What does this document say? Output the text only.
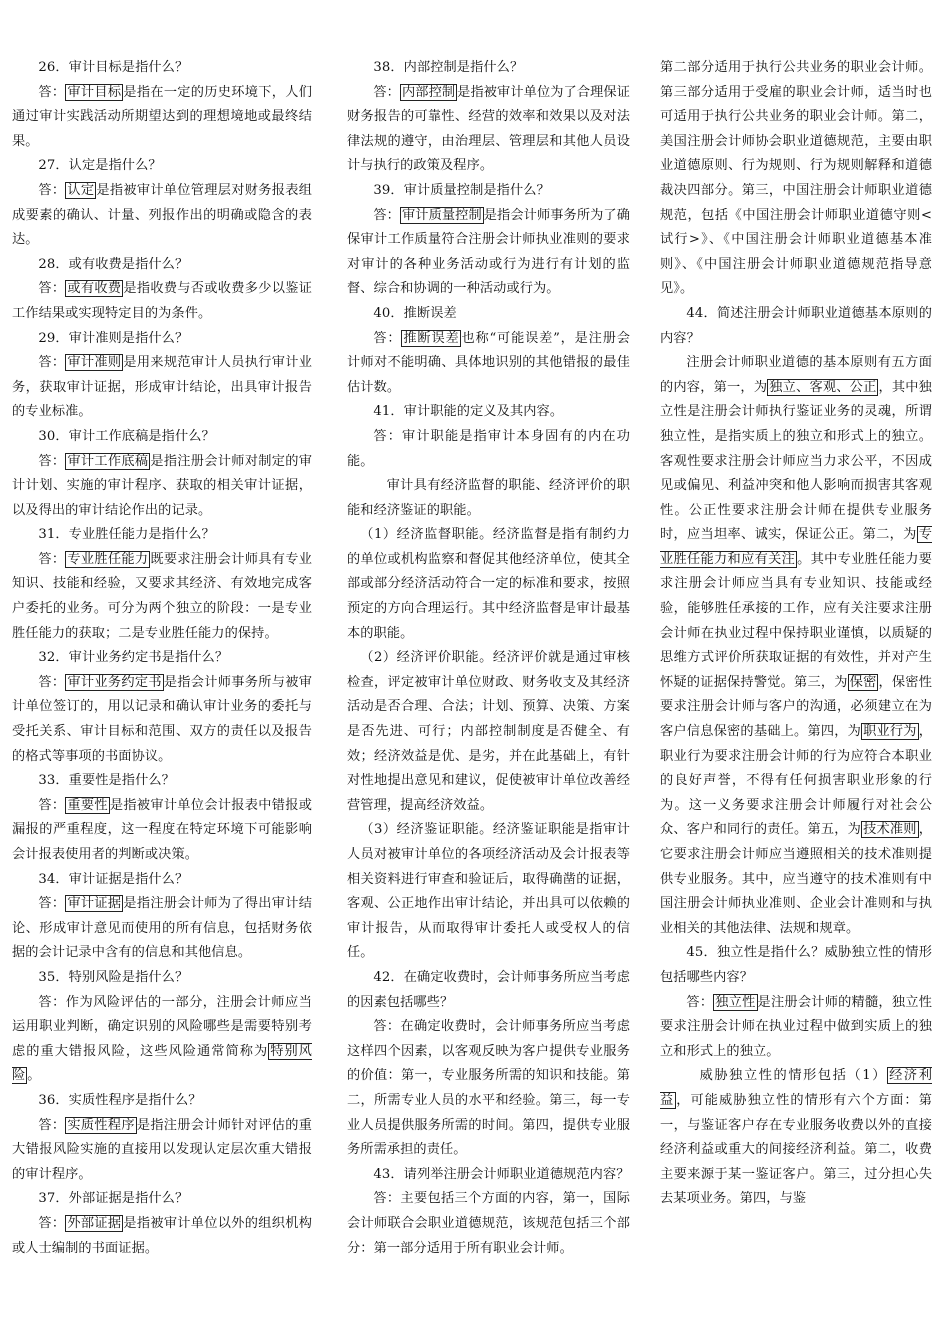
26．审计目标是指什么？

答： 审计目标 是指在一定的历史环境下，人们通过审计实践活动所期望达到的理想境地或最终结果。

27．认定是指什么？

答： 认定 是指被审计单位管理层对财务报表组成要素的确认、计量、列报作出的明确或隐含的表达。

28．或有收费是指什么？

答： 或有收费 是指收费与否或收费多少以鉴证工作结果或实现特定目的为条件。

29．审计准则是指什么？

答： 审计准则 是用来规范审计人员执行审计业务，获取审计证据，形成审计结论，出具审计报告的专业标准。

30．审计工作底稿是指什么？

答： 审计工作底稿 是指注册会计师对制定的审计计划、实施的审计程序、获取的相关审计证据，以及得出的审计结论作出的记录。

31．专业胜任能力是指什么？

答： 专业胜任能力 既要求注册会计师具有专业知识、技能和经验，又要求其经济、有效地完成客户委托的业务。可分为两个独立的阶段：一是专业胜任能力的获取；二是专业胜任能力的保持。

32．审计业务约定书是指什么？

答： 审计业务约定书 是指会计师事务所与被审计单位签订的，用以记录和确认审计业务的委托与受托关系、审计目标和范围、双方的责任以及报告的格式等事项的书面协议。

33．重要性是指什么？

答： 重要性 是指被审计单位会计报表中错报或漏报的严重程度，这一程度在特定环境下可能影响会计报表使用者的判断或决策。

34．审计证据是指什么？

答： 审计证据 是指注册会计师为了得出审计结论、形成审计意见而使用的所有信息，包括财务依据的会计记录中含有的信息和其他信息。

35．特别风险是指什么？

答：作为风险评估的一部分，注册会计师应当运用职业判断，确定识别的风险哪些是需要特别考虑的重大错报风险，这些风险通常简称为 特别风险 。

36．实质性程序是指什么？

答： 实质性程序 是指注册会计师针对评估的重大错报风险实施的直接用以发现认定层次重大错报的审计程序。

37．外部证据是指什么？

答： 外部证据 是指被审计单位以外的组织机构或人士编制的书面证据。

38．内部控制是指什么？

答： 内部控制 是指被审计单位为了合理保证财务报告的可靠性、经营的效率和效果以及对法律法规的遵守，由治理层、管理层和其他人员设计与执行的政策及程序。

39．审计质量控制是指什么？

答： 审计质量控制 是指会计师事务所为了确保审计工作质量符合注册会计师执业准则的要求对审计的各种业务活动或行为进行有计划的监督、综合和协调的一种活动或行为。

40．推断误差

答： 推断误差 也称“可能误差”，是注册会计师对不能明确、具体地识别的其他错报的最佳估计数。

41．审计职能的定义及其内容。

答：审计职能是指审计本身固有的内在功能。

审计具有经济监督的职能、经济评价的职能和经济鉴证的职能。

（1）经济监督职能。经济监督是指有制约力的单位或机构监察和督促其他经济单位，使其全部或部分经济活动符合一定的标准和要求，按照预定的方向合理运行。其中经济监督是审计最基本的职能。

（2）经济评价职能。经济评价就是通过审核检查，评定被审计单位财政、财务收支及其经济活动是否合理、合法；计划、预算、决策、方案是否先进、可行；内部控制制度是否健全、有效；经济效益是优、是劣，并在此基础上，有针对性地提出意见和建议，促使被审计单位改善经营管理，提高经济效益。

（3）经济鉴证职能。经济鉴证职能是指审计人员对被审计单位的各项经济活动及会计报表等相关资料进行审查和验证后，取得确凿的证据，客观、公正地作出审计结论，并出具可以依赖的审计报告，从而取得审计委托人或受权人的信任。

42．在确定收费时，会计师事务所应当考虑的因素包括哪些？

答：在确定收费时，会计师事务所应当考虑这样四个因素，以客观反映为客户提供专业服务的价值：第一，专业服务所需的知识和技能。第二，所需专业人员的水平和经验。第三，每一专业人员提供服务所需的时间。第四，提供专业服务所需承担的责任。

43．请列举注册会计师职业道德规范内容？

答：主要包括三个方面的内容，第一，国际会计师联合会职业道德规范，该规范包括三个部分：第一部分适用于所有职业会计师。

第二部分适用于执行公共业务的职业会计师。第三部分适用于受雇的职业会计师，适当时也可适用于执行公共业务的职业会计师。第二，美国注册会计师协会职业道德规范，主要由职业道德原则、行为规则、行为规则解释和道德裁决四部分。第三，中国注册会计师职业道德规范，包括《中国注册会计师职业道德守则<试行>》、《中国注册会计师职业道德基本准则》、《中国注册会计师职业道德规范指导意见》。

44．简述注册会计师职业道德基本原则的内容？

注册会计师职业道德的基本原则有五方面的内容，第一，为 独立、客观、公正 ，其中独立性是注册会计师执行鉴证业务的灵魂，所谓独立性，是指实质上的独立和形式上的独立。客观性要求注册会计师应当力求公平，不因成见或偏见、利益冲突和他人影响而损害其客观性。公正性要求注册会计师在提供专业服务时，应当坦率、诚实，保证公正。第二，为 专业胜任能力和应有关注 。其中专业胜任能力要求注册会计师应当具有专业知识、技能或经验，能够胜任承接的工作，应有关注要求注册会计师在执业过程中保持职业谨慎，以质疑的思维方式评价所获取证据的有效性，并对产生怀疑的证据保持警觉。第三，为 保密 ，保密性要求注册会计师与客户的沟通，必须建立在为客户信息保密的基础上。第四，为 职业行为 ，职业行为要求注册会计师的行为应符合本职业的良好声誉，不得有任何损害职业形象的行为。这一义务要求注册会计师履行对社会公众、客户和同行的责任。第五，为 技术准则 ，它要求注册会计师应当遵照相关的技术准则提供专业服务。其中，应当遵守的技术准则有中国注册会计师执业准则、企业会计准则和与执业相关的其他法律、法规和规章。

45．独立性是指什么？威胁独立性的情形包括哪些内容？

答： 独立性 是注册会计师的精髓，独立性要求注册会计师在执业过程中做到实质上的独立和形式上的独立。

威胁独立性的情形包括（1） 经济利益 ，可能威胁独立性的情形有六个方面：第一，与鉴证客户存在专业服务收费以外的直接经济利益或重大的间接经济利益。第二，收费主要来源于某一鉴证客户。第三，过分担心失去某项业务。第四，与鉴
